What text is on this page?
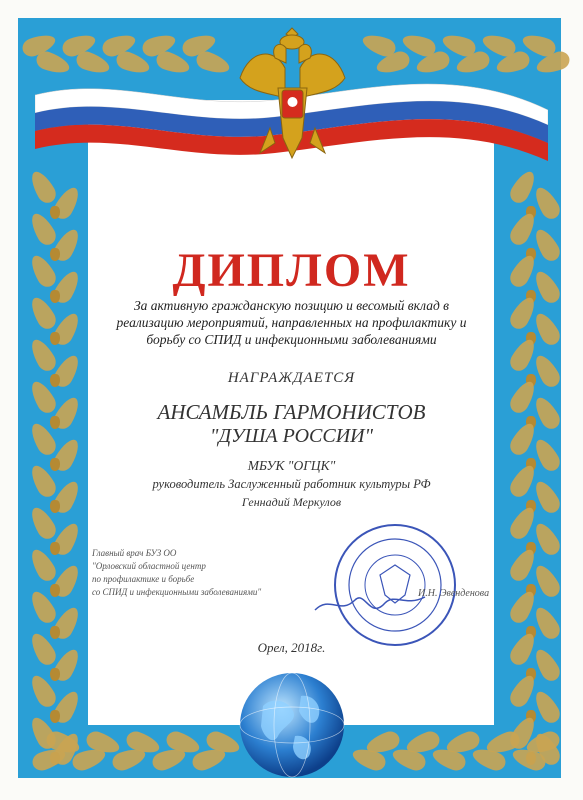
ДИПЛОМ
За активную гражданскую позицию и весомый вклад в
реализацию мероприятий, направленных на профилактику и
борьбу со СПИД и инфекционными заболеваниями
НАГРАЖДАЕТСЯ
АНСАМБЛЬ ГАРМОНИСТОВ
"ДУША РОССИИ"
МБУК "ОГЦК"
руководитель Заслуженный работник культуры РФ
Геннадий Меркулов
Главный врач БУЗ ОО
"Орловский областной центр
по профилактике и борьбе
со СПИД и инфекционными заболеваниями"	И.Н. Эвенденова
Орел, 2018г.
